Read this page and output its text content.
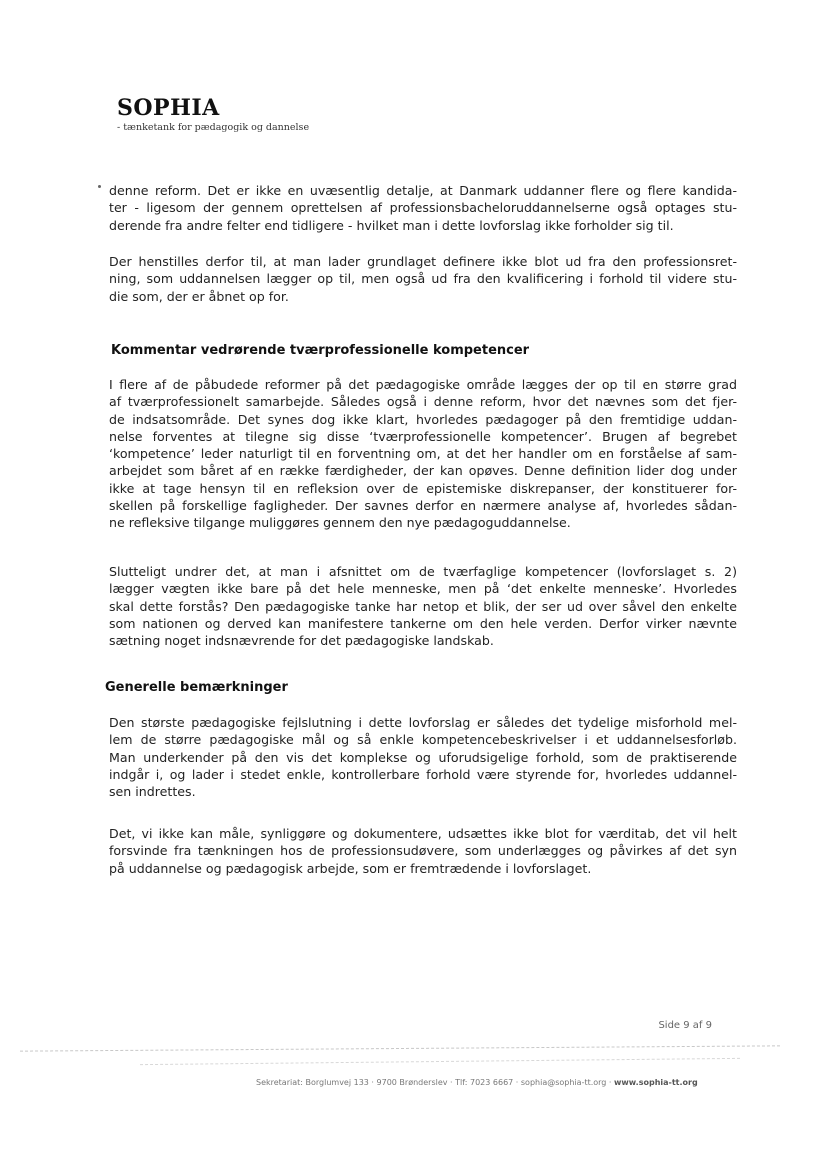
SOPHIA
- tænketank for pædagogik og dannelse
denne reform. Det er ikke en uvæsentlig detalje, at Danmark uddanner flere og flere kandida-
ter - ligesom der gennem oprettelsen af professionsbacheloruddannelserne også optages stu-
derende fra andre felter end tidligere - hvilket man i dette lovforslag ikke forholder sig til.
Der henstilles derfor til, at man lader grundlaget definere ikke blot ud fra den professionsret-
ning, som uddannelsen lægger op til, men også ud fra den kvalificering i forhold til videre stu-
die som, der er åbnet op for.
Kommentar vedrørende tværprofessionelle kompetencer
I flere af de påbudede reformer på det pædagogiske område lægges der op til en større grad
af tværprofessionelt samarbejde. Således også i denne reform, hvor det nævnes som det fjer-
de indsatsområde. Det synes dog ikke klart, hvorledes pædagoger på den fremtidige uddan-
nelse forventes at tilegne sig disse ‘tværprofessionelle kompetencer’. Brugen af begrebet
‘kompetence’ leder naturligt til en forventning om, at det her handler om en forståelse af sam-
arbejdet som båret af en række færdigheder, der kan opøves. Denne definition lider dog under
ikke at tage hensyn til en refleksion over de epistemiske diskrepanser, der konstituerer for-
skellen på forskellige fagligheder. Der savnes derfor en nærmere analyse af, hvorledes sådan-
ne refleksive tilgange muliggøres gennem den nye pædagoguddannelse.
Slutteligt undrer det, at man i afsnittet om de tværfaglige kompetencer (lovforslaget s. 2)
lægger vægten ikke bare på det hele menneske, men på ‘det enkelte menneske’. Hvorledes
skal dette forstås? Den pædagogiske tanke har netop et blik, der ser ud over såvel den enkelte
som nationen og derved kan manifestere tankerne om den hele verden. Derfor virker nævnte
sætning noget indsnævrende for det pædagogiske landskab.
Generelle bemærkninger
Den største pædagogiske fejlslutning i dette lovforslag er således det tydelige misforhold mel-
lem de større pædagogiske mål og så enkle kompetencebeskrivelser i et uddannelsesforløb.
Man underkender på den vis det komplekse og uforudsigelige forhold, som de praktiserende
indgår i, og lader i stedet enkle, kontrollerbare forhold være styrende for, hvorledes uddannel-
sen indrettes.
Det, vi ikke kan måle, synliggøre og dokumentere, udsættes ikke blot for værditab, det vil helt
forsvinde fra tænkningen hos de professionsudøvere, som underlægges og påvirkes af det syn
på uddannelse og pædagogisk arbejde, som er fremtrædende i lovforslaget.
Side 9 af 9
Sekretariat: Borglumvej 133 · 9700 Brønderslev · Tlf: 7023 6667 · sophia@sophia-tt.org · www.sophia-tt.org
